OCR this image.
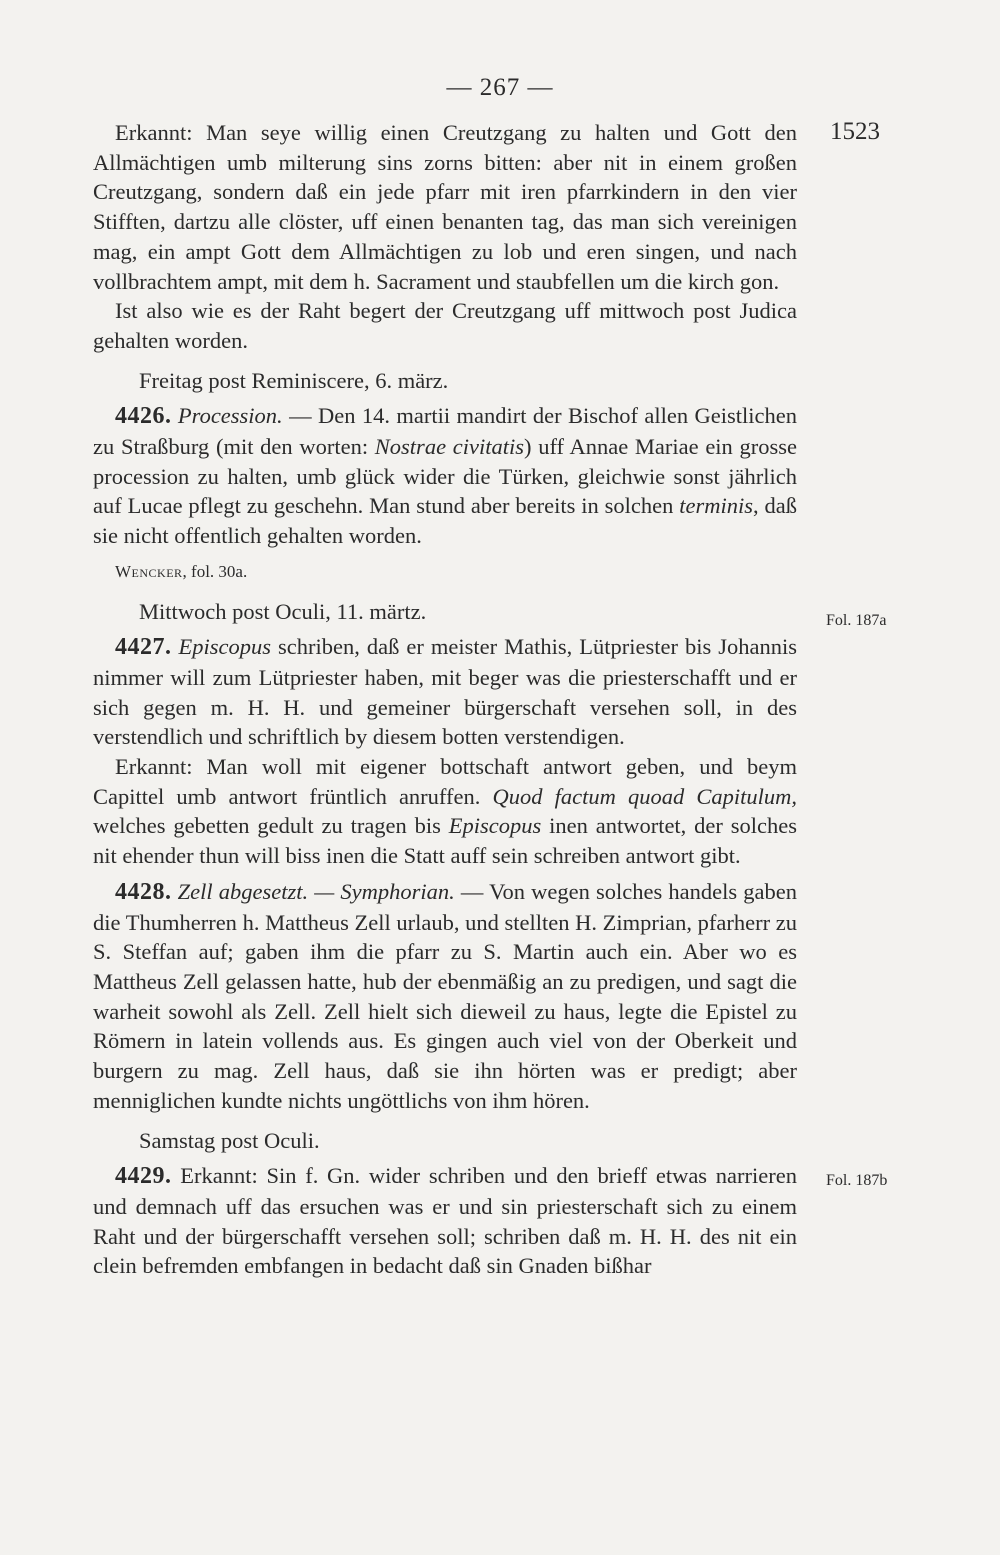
— 267 —
1523
Fol. 187a
Fol. 187b

Erkannt: Man seye willig einen Creutzgang zu halten und Gott den Allmächtigen umb milterung sins zorns bitten: aber nit in einem großen Creutzgang, sondern daß ein jede pfarr mit iren pfarrkindern in den vier Stifften, dartzu alle clöster, uff einen benanten tag, das man sich vereinigen mag, ein ampt Gott dem Allmächtigen zu lob und eren singen, und nach vollbrachtem ampt, mit dem h. Sacrament und staubfellen um die kirch gon.

Ist also wie es der Raht begert der Creutzgang uff mittwoch post Judica gehalten worden.

Freitag post Reminiscere, 6. märz.

4426. Procession. — Den 14. martii mandirt der Bischof allen Geistlichen zu Straßburg (mit den worten: Nostrae civitatis) uff Annae Mariae ein grosse procession zu halten, umb glück wider die Türken, gleichwie sonst jährlich auf Lucae pflegt zu geschehn. Man stund aber bereits in solchen terminis, daß sie nicht offentlich gehalten worden.

Wencker, fol. 30a.

Mittwoch post Oculi, 11. märtz.

4427. Episcopus schriben, daß er meister Mathis, Lütpriester bis Johannis nimmer will zum Lütpriester haben, mit beger was die priesterschafft und er sich gegen m. H. H. und gemeiner bürgerschaft versehen soll, in des verstendlich und schriftlich by diesem botten verstendigen.

Erkannt: Man woll mit eigener bottschaft antwort geben, und beym Capittel umb antwort früntlich anruffen. Quod factum quoad Capitulum, welches gebetten gedult zu tragen bis Episcopus inen antwortet, der solches nit ehender thun will biss inen die Statt auff sein schreiben antwort gibt.

4428. Zell abgesetzt. — Symphorian. — Von wegen solches handels gaben die Thumherren h. Mattheus Zell urlaub, und stellten H. Zimprian, pfarherr zu S. Steffan auf; gaben ihm die pfarr zu S. Martin auch ein. Aber wo es Mattheus Zell gelassen hatte, hub der ebenmäßig an zu predigen, und sagt die warheit sowohl als Zell. Zell hielt sich dieweil zu haus, legte die Epistel zu Römern in latein vollends aus. Es gingen auch viel von der Oberkeit und burgern zu mag. Zell haus, daß sie ihn hörten was er predigt; aber menniglichen kundte nichts ungöttlichs von ihm hören.

Samstag post Oculi.

4429. Erkannt: Sin f. Gn. wider schriben und den brieff etwas narrieren und demnach uff das ersuchen was er und sin priesterschaft sich zu einem Raht und der bürgerschafft versehen soll; schriben daß m. H. H. des nit ein clein befremden embfangen in bedacht daß sin Gnaden bißhar
